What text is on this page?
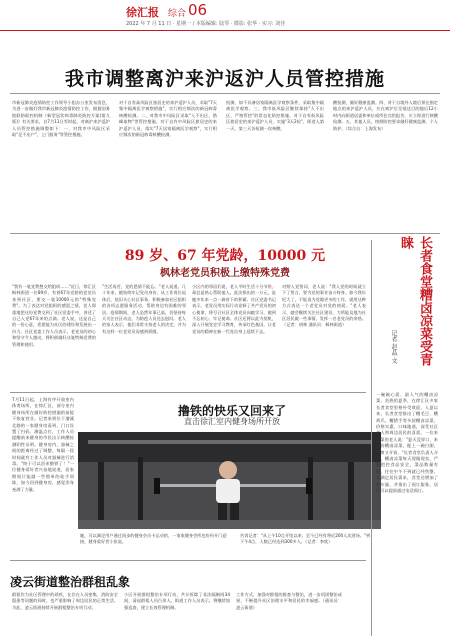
徐汇报 综合 06
2022 年 7 月 11 日 · 星期一 / 本版编辑: 陆琴 · 摄影: 张华 · 实习: 刘佳
我市调整离沪来沪返沪人员管控措施
市新冠肺炎疫情防控工作领导小组办公室发布消息，为进一步做好我市新冠肺炎疫情防控工作，根据国务院联防联控机制《新型冠状病毒肺炎防控方案(第九版)》有关要求，自7月11日零时起，对离沪来沪返沪人员管控措施调整如下：一、对我市中风险区采取"足不出户"，上门服务"等管控措施。
对于自有高风险区旅居史的来沪返沪人员，采取"7天集中隔离医学观察措施"，实行相应频次的新冠病毒核酸检测。二、对我市中风险区采取"入不出区，错峰取物"等管控措施。对于自有中风险区旅居史的来沪返沪人员，落实"7天居家隔离医学观察"，实行相应频次的新冠病毒核酸检测。
检测，如不具备居家隔离医学观察条件，采取集中隔离医学观察。三、我市低风险区继续保持"人不出区，严格管控"的常态化防控措施。对于自有低风险区旅居史的来沪返沪人员，实施"3天2检"，即进入第一天、第三天各检测一次核酸。
酸检测，做好健康监测。四、对于自境外入境后须在指定地点的来沪返沪人员，应在离沪后至抵达目的地后12小时内向街道居委和单位或所住宾馆报告，应立即进行核酸检测。五、其他人员，按照防控要求做好健康监测、个人防护。（综合自：上海发布）
89 岁、67 年党龄，10000 元
枫林老党员积极上缴特殊党费
"我有一笔党费想交给组织……"近日，徐汇区枫林街道一位89岁、有着67年党龄的老党员来到社区，要交一笔10000元的"特殊党费"。为了表达对党组织的感恩之情，老人郑重地把这份党费交到了社区党委手中，讲述了自己入党67年来的点滴。老人说，这是自己的一份心意，希望能为社区的建设和发展出一份力。社区党委工作人员表示，老党员的初心和坚守令人感动，将积极做好这笔特殊党费的管理和使用。
"生活再苦，党的恩情不能忘。"老人说道。几十年来，她始终牢记党员身份，从工作岗位退休后，依旧关心社区事务，积极参加社区组织的各项志愿服务活动，帮助身边有困难的邻居。疫情期间，老人虽然年事已高，仍坚持每天关注社区动态，为防疫人员送去慰问。老人的家人表示，他们非常支持老人的决定，并为有这样一位老党员而感到骄傲。
小区内的邻居们说，老人平时生活十分节俭，却总是热心帮助他人。此次捐出的一万元，是她多年来一点一滴省下的积蓄。社区党委书记表示，老党员用实际行动诠释了共产党员的初心使命，将号召社区全体党员向她学习，做到不忘初心、牢记使命。社区还将以此为契机，深入开展党史学习教育，传承红色基因，让老党员的精神在新一代党员身上延续下去。
对照入党誓词，老人说："我入党的时候就立下了誓言，要为党的事业奋斗终身。如今我年纪大了，不能再为党做更多的工作，就用这种方式表达一个老党员对党的热爱。"老人表示，她会继续关注社区建设，力所能及地为社区居民做一些事情，发挥一名老党员的余热。（记者：胡林 通讯员：枫林街道）
撸铁的快乐又回来了
直击徐汇室内健身场所开放
7月11日起，上海有序开放室内体育场所。在徐汇区，部分室内健身场所在做好防控措施的前提下恢复营业。记者来到位于漕溪北路的一家健身房看到，门口设置了扫码、测温点位，工作人员提醒前来健身的市民出示核酸检测阴性证明。健身房内，器械之间的距离经过了调整，每隔一段时间就有工作人员对器械进行消毒。"终于可以回来撸铁了！"一位健身爱好者兴奋地说道，居家期间只能做一些简单的徒手训练，如今回到健身房，感觉浑身充满了力量。
她，可以满足用户通过同步的健身会员卡运动的，一家家健身会所也纷纷开门迎接，健身爱好者小张说。
告诉记者："从上午10点开馆以来，至今已经有将近200人次进场。"到下午4点，人数已经达到300多人。（记者：李欣）
凌云街道整治群租乱象
群租作为社区管理中的顽疾，在存在人员密集、消防安全隐患等问题的同时，也严重影响了周边居民的正常生活。为此，凌云街道持续开展群租整治专项行动。
小区开展群租整治专项行动，共计拆除了非法隔断间34间，清退群租人员百余人。街道工作人员表示，将继续加强巡查，建立长效管理机制。
工作方式，加强对群租的排查与整治，进一步巩固整治成果，不断提升社区治理水平和居民的幸福感。（通讯员：凌云街道）
长者食堂糟卤凉菜受青睐
记者 赵晶 文
一碗碗心爱、最人气的糟卤凉菜，炎热的夏季，在徐汇区多家长者食堂里格外受欢迎。入夏以来，长者食堂推出了糟毛豆、糟鸡爪、糟猪手等多款糟卤凉菜，价格实惠、口味地道，深受社区老人和周边居民的喜爱。一位来买菜的老人说："夏天没胃口，来一份糟卤凉菜，配上一碗白粥，清爽又开胃。"长者食堂负责人介绍，糟卤凉菜每天现做现卖，严格把控食品安全，菜品数量有限，往往中午不到就已经售罄。为满足居民需求，食堂还增加了供应量，并推出了预订服务，居民可以提前通过电话预订。
